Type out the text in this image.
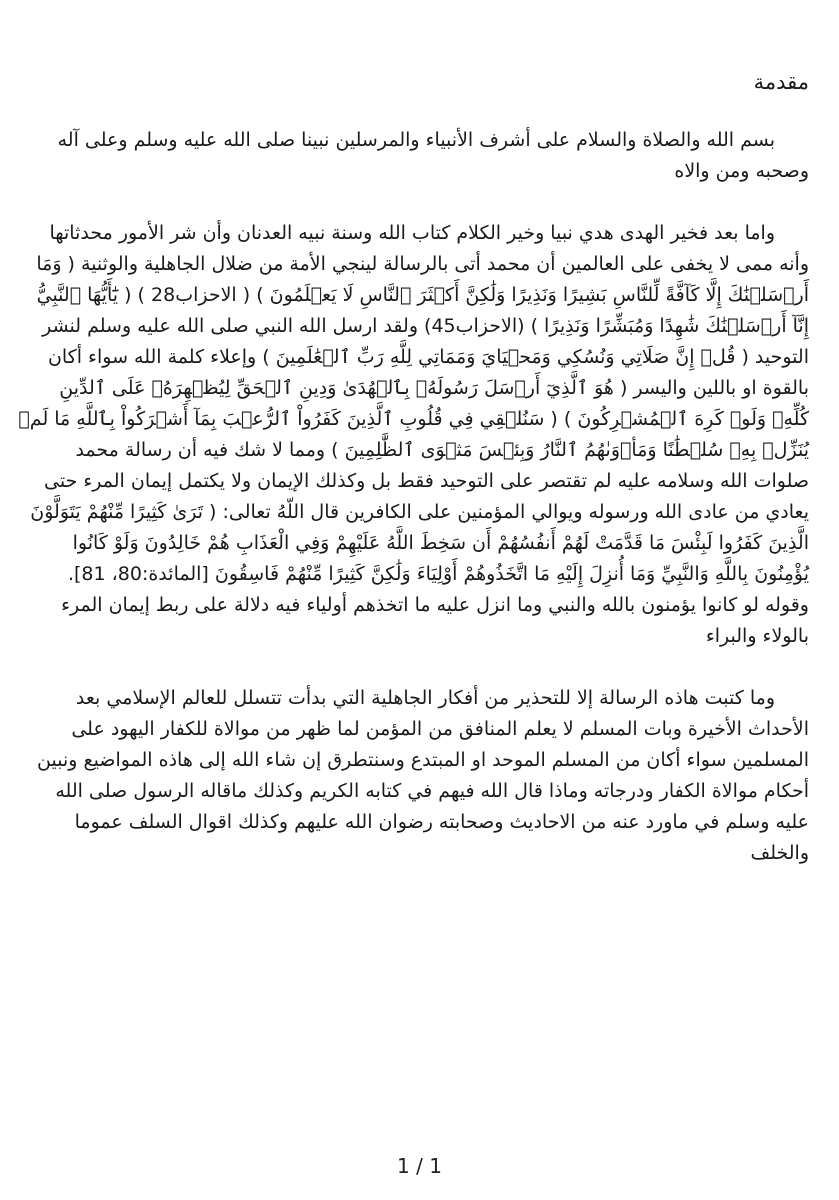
مقدمة

بسم الله والصلاة والسلام على أشرف الأنبياء والمرسلين نبينا صلى الله عليه وسلم وعلى آله وصحبه ومن والاه

واما بعد فخير الهدى هدي نبيا وخير الكلام كتاب الله وسنة نبيه العدنان وأن شر الأمور محدثاتها وأنه ممى لا يخفى على العالمين أن محمد أتى بالرسالة لينجي الأمة من ضلال الجاهلية والوثنية ( وَمَا أَرۡسَلۡنَٰكَ إِلَّا كَآفَّةً لِّلنَّاسِ بَشِيرًا وَنَذِيرًا وَلَٰكِنَّ أَكۡثَرَ ٱلنَّاسِ لَا يَعۡلَمُونَ ) ( الاحزاب28 ) ( يَٰٓأَيُّهَا ٱلنَّبِيُّ إِنَّآ أَرۡسَلۡنَٰكَ شَٰهِدًا وَمُبَشِّرًا وَنَذِيرًا ) (الاحزاب45) ولقد ارسل الله النبي صلى الله عليه وسلم لنشر التوحيد ( قُلۡ إِنَّ صَلَاتِي وَنُسُكِي وَمَحۡيَايَ وَمَمَاتِي لِلَّهِ رَبِّ ٱلۡعَٰلَمِينَ ) وإعلاء كلمة الله سواء أكان بالقوة او باللين واليسر ( هُوَ ٱلَّذِيٓ أَرۡسَلَ رَسُولَهُۥ بِٱلۡهُدَىٰ وَدِينِ ٱلۡحَقِّ لِيُظۡهِرَهُۥ عَلَى ٱلدِّينِ كُلِّهِۦ وَلَوۡ كَرِهَ ٱلۡمُشۡرِكُونَ ) ( سَنُلۡقِي فِي قُلُوبِ ٱلَّذِينَ كَفَرُواْ ٱلرُّعۡبَ بِمَآ أَشۡرَكُواْ بِٱللَّهِ مَا لَمۡ يُنَزِّلۡ بِهِۦ سُلۡطَٰنًا وَمَأۡوَىٰهُمُ ٱلنَّارُ وَبِئۡسَ مَثۡوَى ٱلظَّٰلِمِينَ ) ومما لا شك فيه أن رسالة محمد صلوات الله وسلامه عليه لم تقتصر على التوحيد فقط بل وكذلك الإيمان ولا يكتمل إيمان المرء حتى يعادي من عادى الله ورسوله ويوالي المؤمنين على الكافرين قال اللّهُ تعالى: ( تَرَىٰ كَثِيرًا مِّنْهُمْ يَتَوَلَّوْنَ الَّذِينَ كَفَرُوا لَبِئْسَ مَا قَدَّمَتْ لَهُمْ أَنفُسُهُمْ أَن سَخِطَ اللَّهُ عَلَيْهِمْ وَفِي الْعَذَابِ هُمْ خَالِدُونَ وَلَوْ كَانُوا يُؤْمِنُونَ بِاللَّهِ وَالنَّبِيِّ وَمَا أُنزِلَ إِلَيْهِ مَا اتَّخَذُوهُمْ أَوْلِيَاءَ وَلَٰكِنَّ كَثِيرًا مِّنْهُمْ فَاسِقُونَ [المائدة:80، 81]. وقوله لو كانوا يؤمنون بالله والنبي وما انزل عليه ما اتخذهم أولياء فيه دلالة على ربط إيمان المرء بالولاء والبراء

وما كتبت هاذه الرسالة إلا للتحذير من أفكار الجاهلية التي بدأت تتسلل للعالم الإسلامي بعد الأحداث الأخيرة وبات المسلم لا يعلم المنافق من المؤمن لما ظهر من موالاة للكفار اليهود على المسلمين سواء أكان من المسلم الموحد او المبتدع وسنتطرق إن شاء الله إلى هاذه المواضيع ونبين أحكام موالاة الكفار ودرجاته وماذا قال الله فيهم في كتابه الكريم وكذلك ماقاله الرسول صلى الله عليه وسلم في ماورد عنه من الاحاديث وصحابته رضوان الله عليهم وكذلك اقوال السلف عموما والخلف

1 / 1
